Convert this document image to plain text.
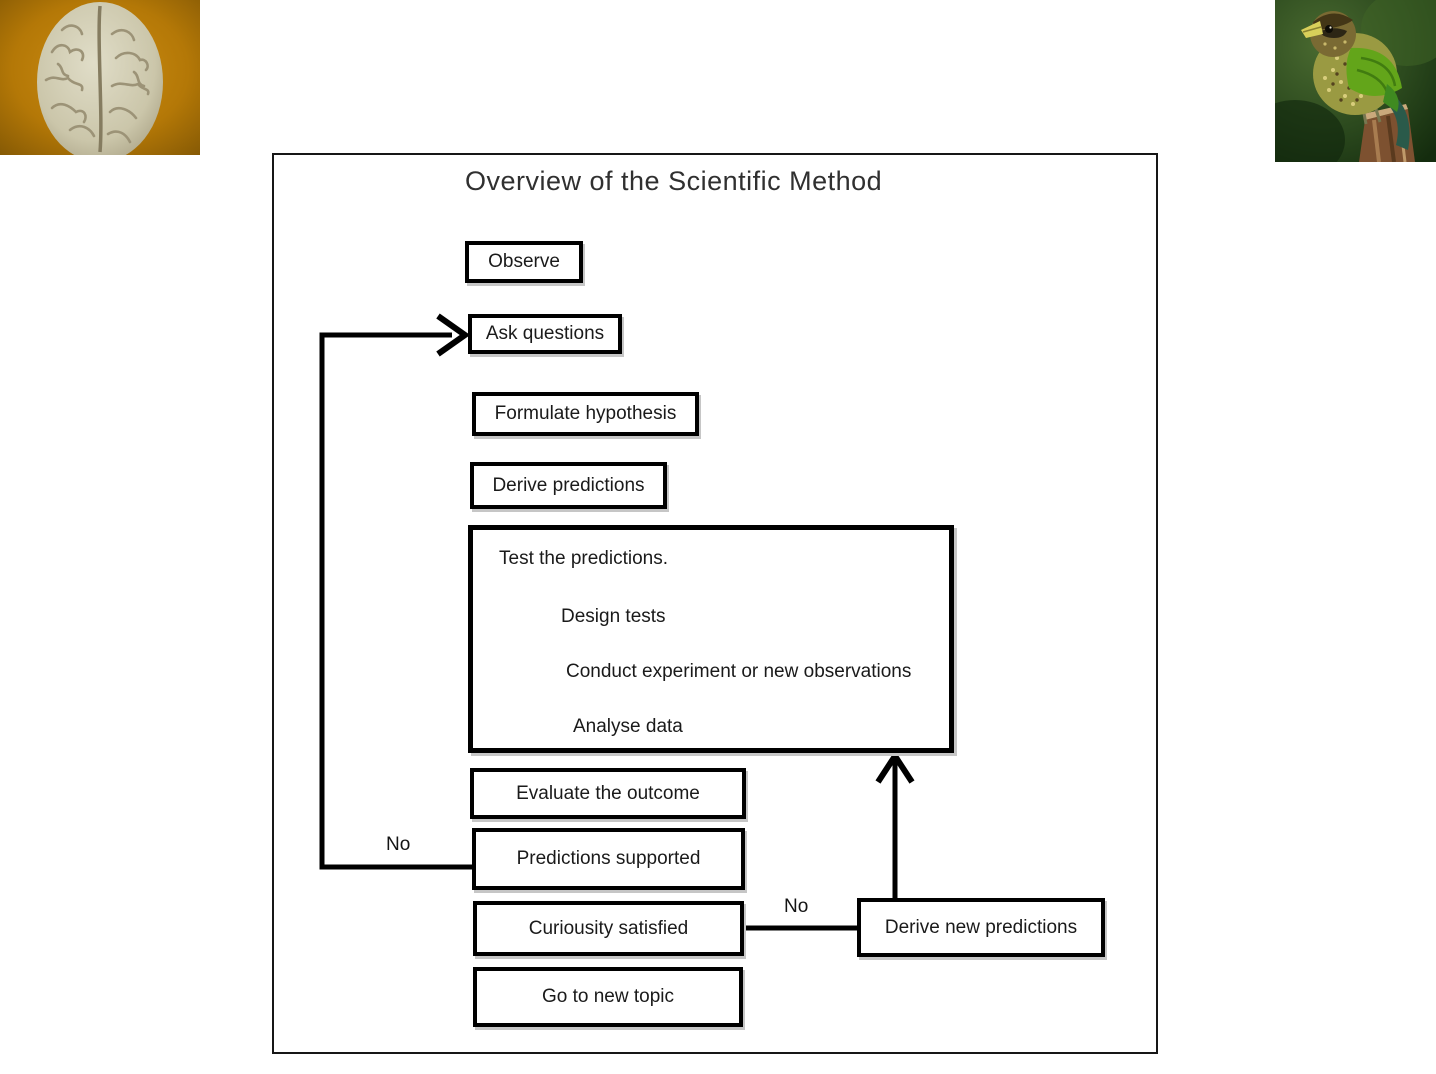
Overview of the Scientific Method
Observe
Ask questions
Formulate hypothesis
Derive predictions
Test the predictions.
Design tests
Conduct experiment or new observations
Analyse data
Evaluate the outcome
Predictions supported
Curiousity satisfied
Go to new topic
Derive new predictions
No
No
